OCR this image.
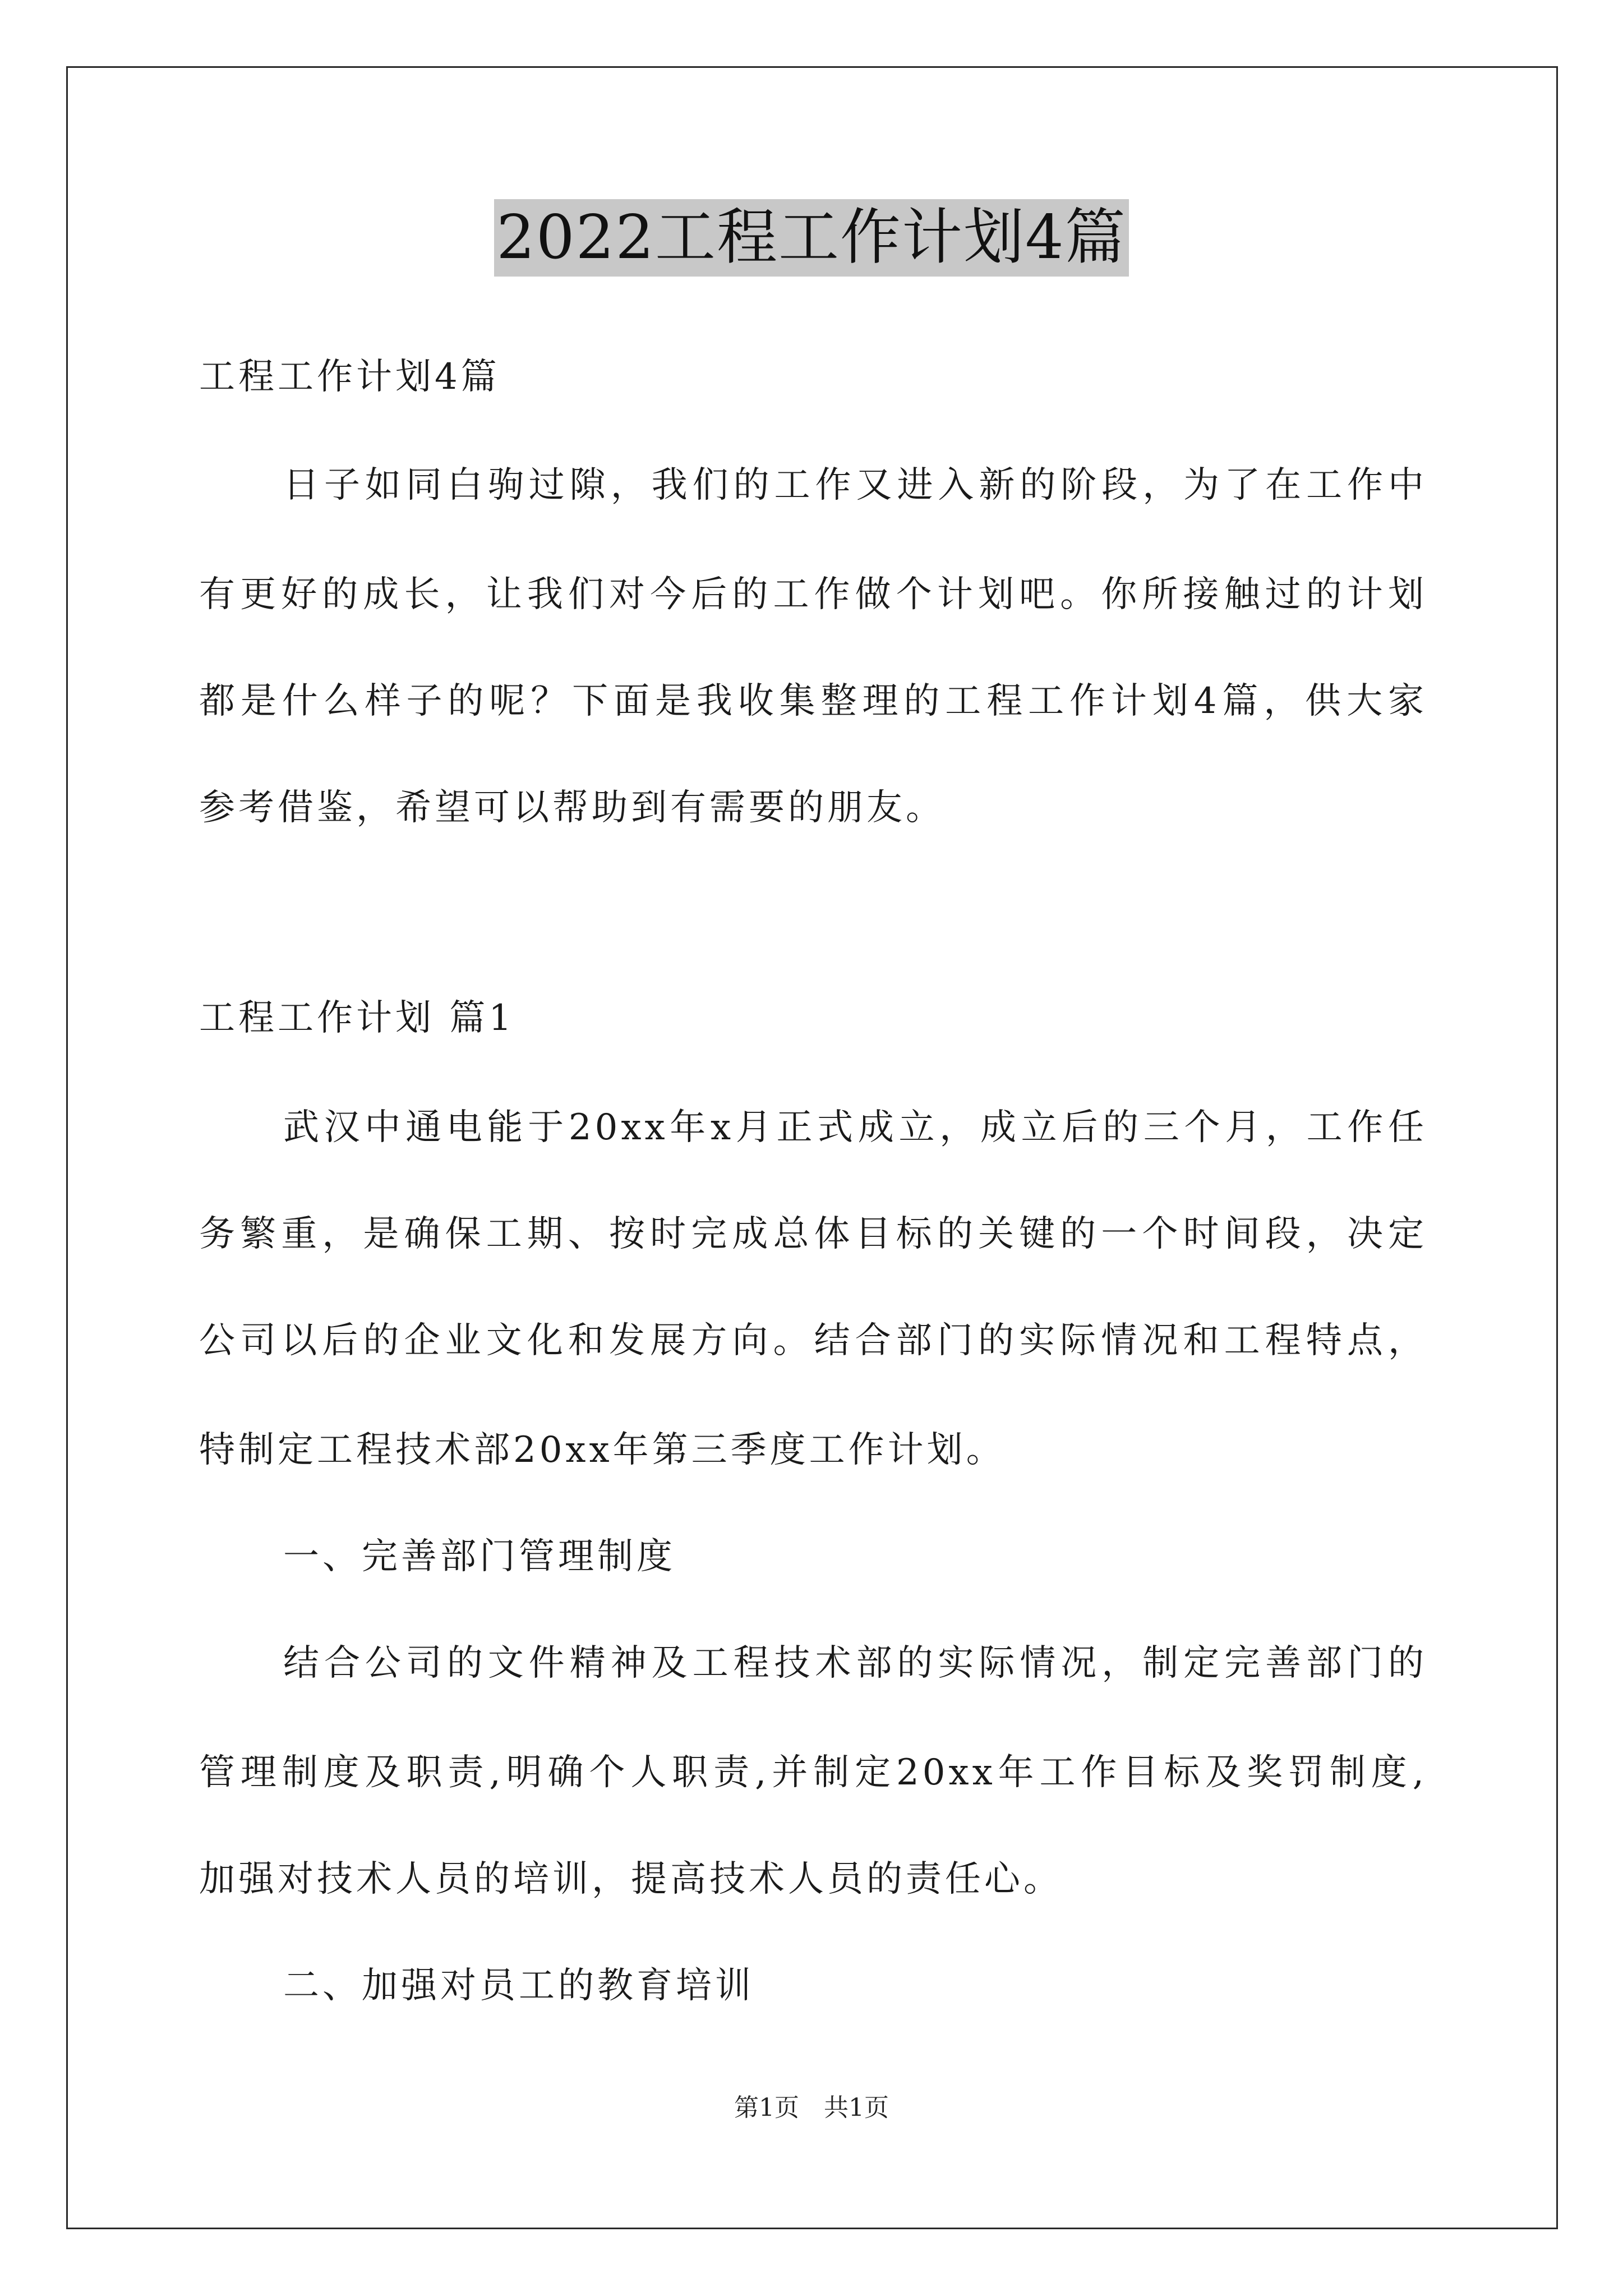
2022工程工作计划4篇
工程工作计划4篇
日子如同白驹过隙，我们的工作又进入新的阶段，为了在工作中
有更好的成长，让我们对今后的工作做个计划吧。你所接触过的计划
都是什么样子的呢？下面是我收集整理的工程工作计划4篇，供大家
参考借鉴，希望可以帮助到有需要的朋友。
工程工作计划 篇1
武汉中通电能于20xx年x月正式成立，成立后的三个月，工作任
务繁重，是确保工期、按时完成总体目标的关键的一个时间段，决定
公司以后的企业文化和发展方向。结合部门的实际情况和工程特点，
特制定工程技术部20xx年第三季度工作计划。
一、完善部门管理制度
结合公司的文件精神及工程技术部的实际情况，制定完善部门的
管理制度及职责,明确个人职责,并制定20xx年工作目标及奖罚制度,
加强对技术人员的培训，提高技术人员的责任心。
二、加强对员工的教育培训
第1页　共1页
